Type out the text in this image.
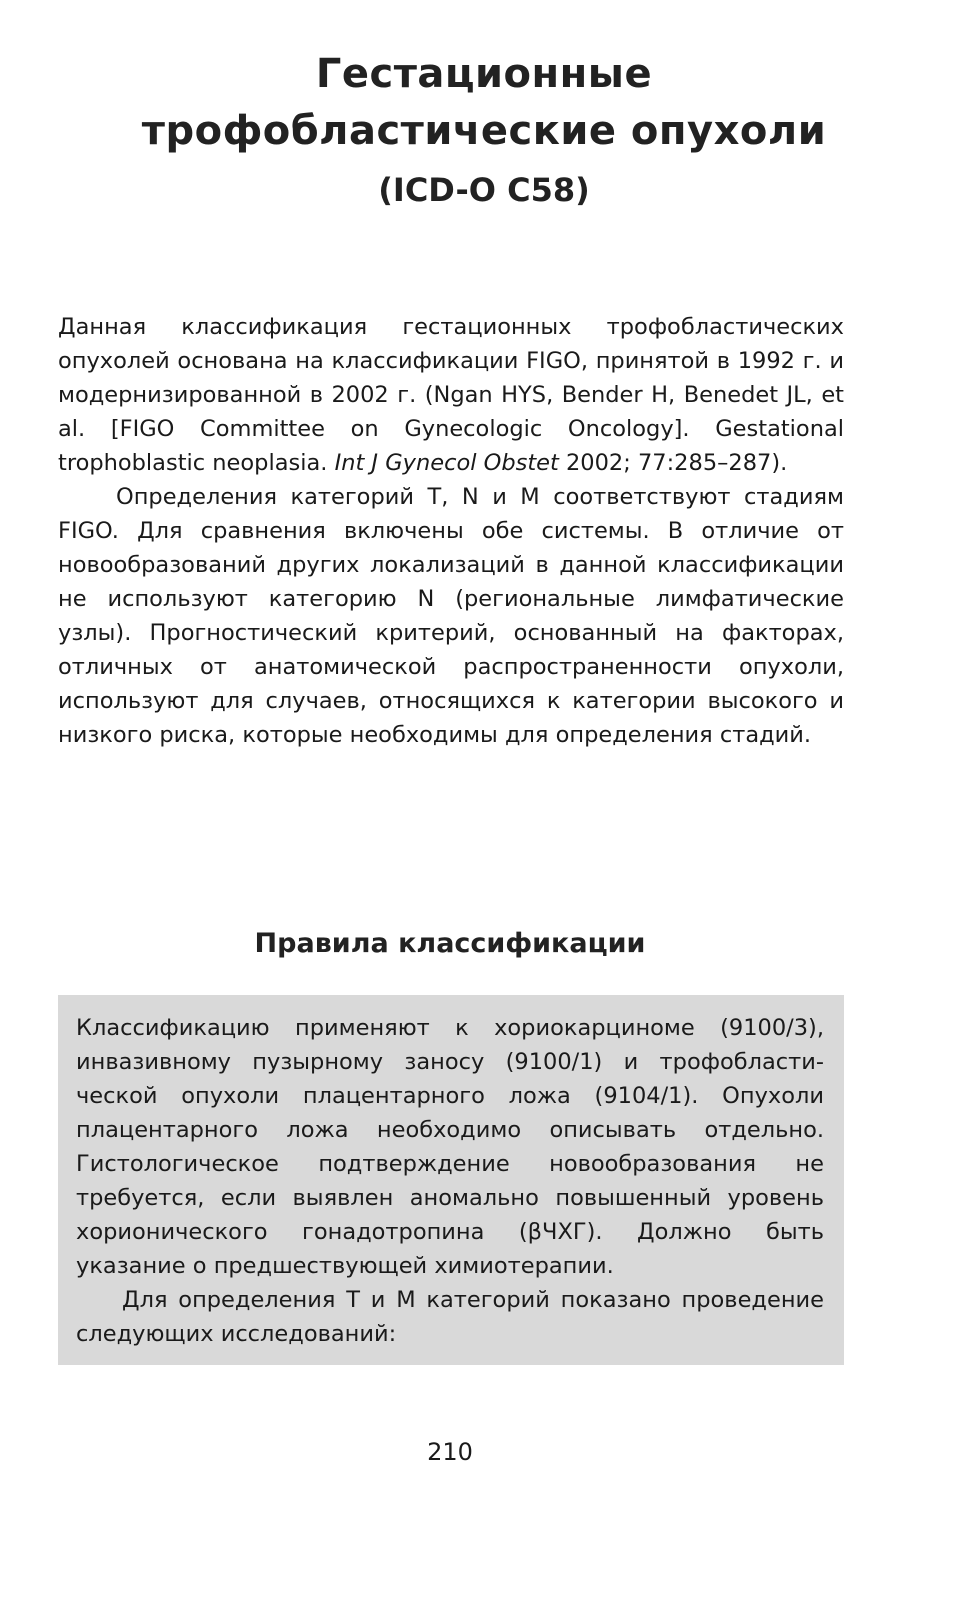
Гестационные
трофобластические опухоли
(ICD-O C58)

Данная классификация гестационных трофобластических опухолей основана на классификации FIGO, принятой в 1992 г. и модернизированной в 2002 г. (Ngan HYS, Bender H, Benedet JL, et al. [FIGO Committee on Gynecologic Oncology]. Gestational trophoblastic neoplasia. Int J Gynecol Obstet 2002; 77:285–287).

Определения категорий T, N и M соответствуют стадиям FIGO. Для сравнения включены обе системы. В отличие от новообразований других локализаций в данной классификации не используют категорию N (региональные лимфатические узлы). Прогностический критерий, основанный на факторах, отличных от анатомической распространенности опухоли, используют для случаев, относящихся к категории высокого и низкого риска, которые необходимы для определения стадий.

Правила классификации

Классификацию применяют к хориокарциноме (9100/3), инвазивному пузырному заносу (9100/1) и трофобластической опухоли плацентарного ложа (9104/1). Опухоли плацентарного ложа необходимо описывать отдельно. Гистологическое подтверждение новообразования не требуется, если выявлен аномально повышенный уровень хорионического гонадотропина (βЧХГ). Должно быть указание о предшествующей химиотерапии.

Для определения T и M категорий показано проведение следующих исследований:

210
